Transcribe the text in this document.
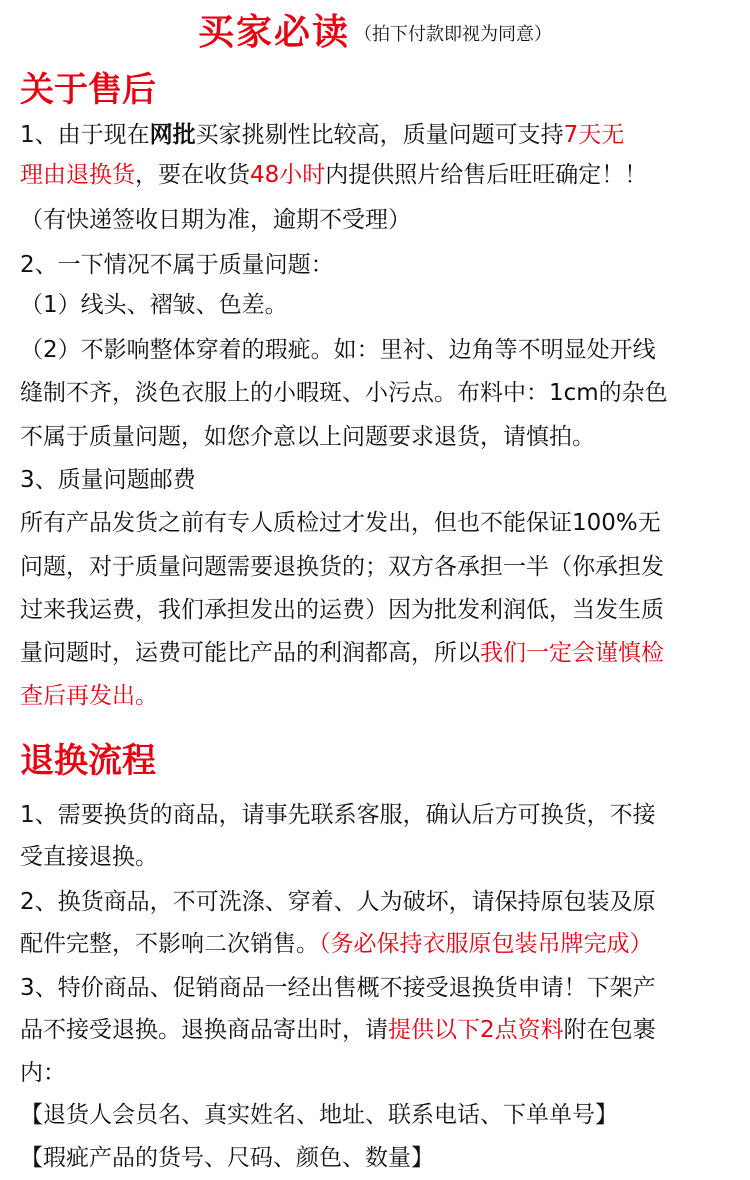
买家必读 （拍下付款即视为同意）
关于售后
1、由于现在网批买家挑剔性比较高，质量问题可支持7天无
理由退换货，要在收货48小时内提供照片给售后旺旺确定！！
（有快递签收日期为准，逾期不受理）
2、一下情况不属于质量问题：
（1）线头、褶皱、色差。
（2）不影响整体穿着的瑕疵。如：里衬、边角等不明显处开线
缝制不齐，淡色衣服上的小暇斑、小污点。布料中：1cm的杂色
不属于质量问题，如您介意以上问题要求退货，请慎拍。
3、质量问题邮费
所有产品发货之前有专人质检过才发出，但也不能保证100%无
问题，对于质量问题需要退换货的；双方各承担一半（你承担发
过来我运费，我们承担发出的运费）因为批发利润低，当发生质
量问题时，运费可能比产品的利润都高，所以我们一定会谨慎检
查后再发出。
退换流程
1、需要换货的商品，请事先联系客服，确认后方可换货，不接
受直接退换。
2、换货商品，不可洗涤、穿着、人为破坏，请保持原包装及原
配件完整，不影响二次销售。（务必保持衣服原包装吊牌完成）
3、特价商品、促销商品一经出售概不接受退换货申请！下架产
品不接受退换。退换商品寄出时，请提供以下2点资料附在包裹
内：
【退货人会员名、真实姓名、地址、联系电话、下单单号】
【瑕疵产品的货号、尺码、颜色、数量】
